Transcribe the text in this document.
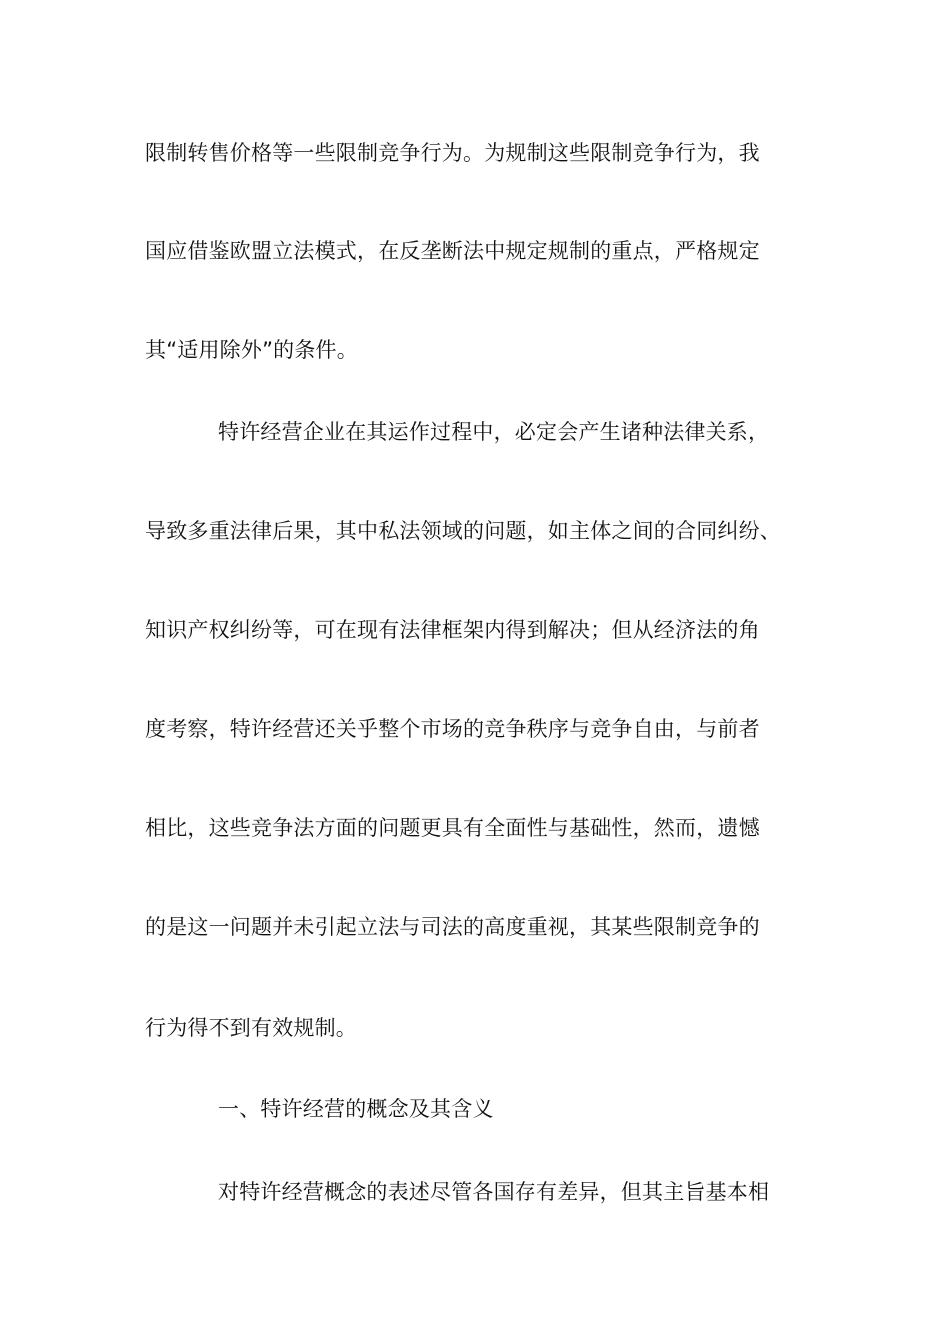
限制转售价格等一些限制竞争行为。为规制这些限制竞争行为，我
国应借鉴欧盟立法模式，在反垄断法中规定规制的重点，严格规定
其“适用除外”的条件。
特许经营企业在其运作过程中，必定会产生诸种法律关系，
导致多重法律后果，其中私法领域的问题，如主体之间的合同纠纷、
知识产权纠纷等，可在现有法律框架内得到解决；但从经济法的角
度考察，特许经营还关乎整个市场的竞争秩序与竞争自由，与前者
相比，这些竞争法方面的问题更具有全面性与基础性，然而，遗憾
的是这一问题并未引起立法与司法的高度重视，其某些限制竞争的
行为得不到有效规制。
一、特许经营的概念及其含义
对特许经营概念的表述尽管各国存有差异，但其主旨基本相
